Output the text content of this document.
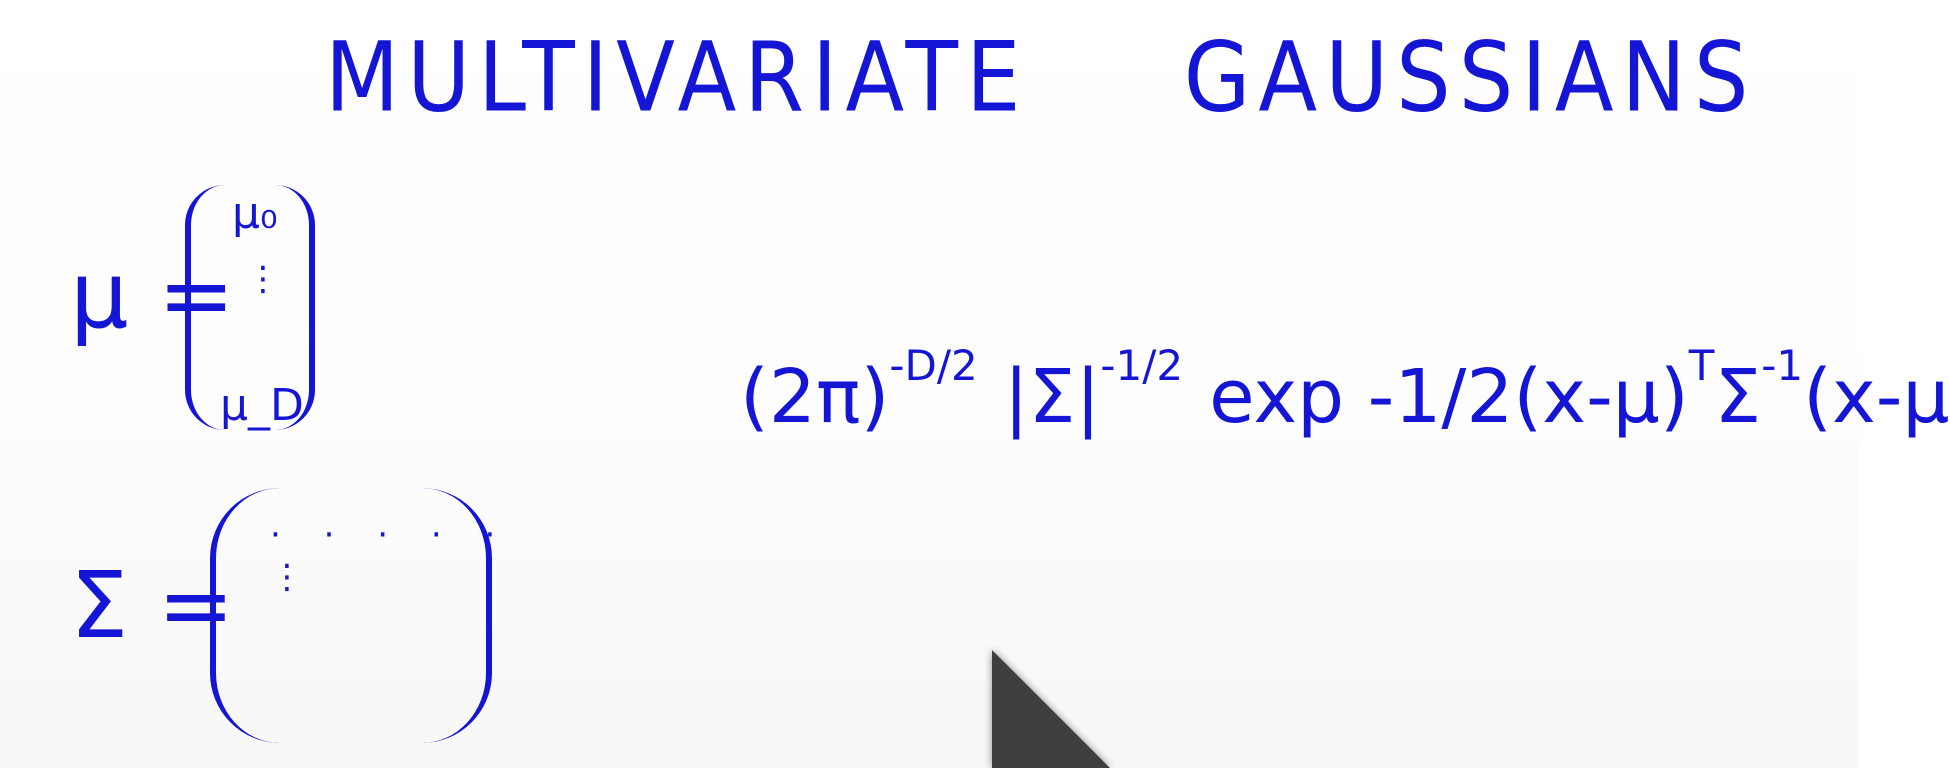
MULTIVARIATE GAUSSIANS
μ =
μ₀
⋮
μ_D
Σ =
· · · · ·
⋮
$(2\pi)^{-D/2}$ $|\Sigma|^{-1/2}$ $\exp -1/2(x-\mu)^T\Sigma^{-1}(x-\mu$
